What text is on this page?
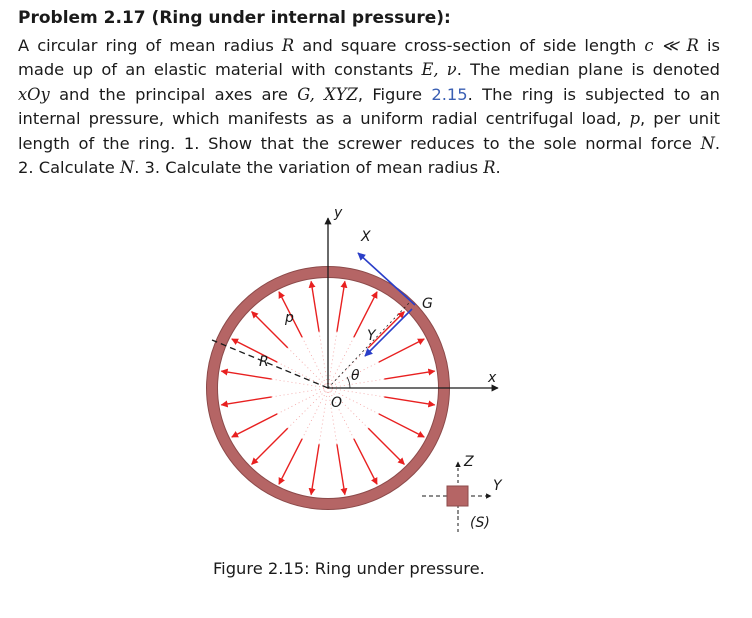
Problem 2.17 (Ring under internal pressure):
A circular ring of mean radius R and square cross-section of side length c ≪ R is
made up of an elastic material with constants E, ν. The median plane is denoted
xOy and the principal axes are G, XYZ, Figure 2.15. The ring is subjected to an
internal pressure, which manifests as a uniform radial centrifugal load, p, per unit
length of the ring. 1. Show that the screwer reduces to the sole normal force N.
2. Calculate N. 3. Calculate the variation of mean radius R.
y
x
X
Y
G
p
R
O
θ
Z
Y
(S)
Figure 2.15: Ring under pressure.
